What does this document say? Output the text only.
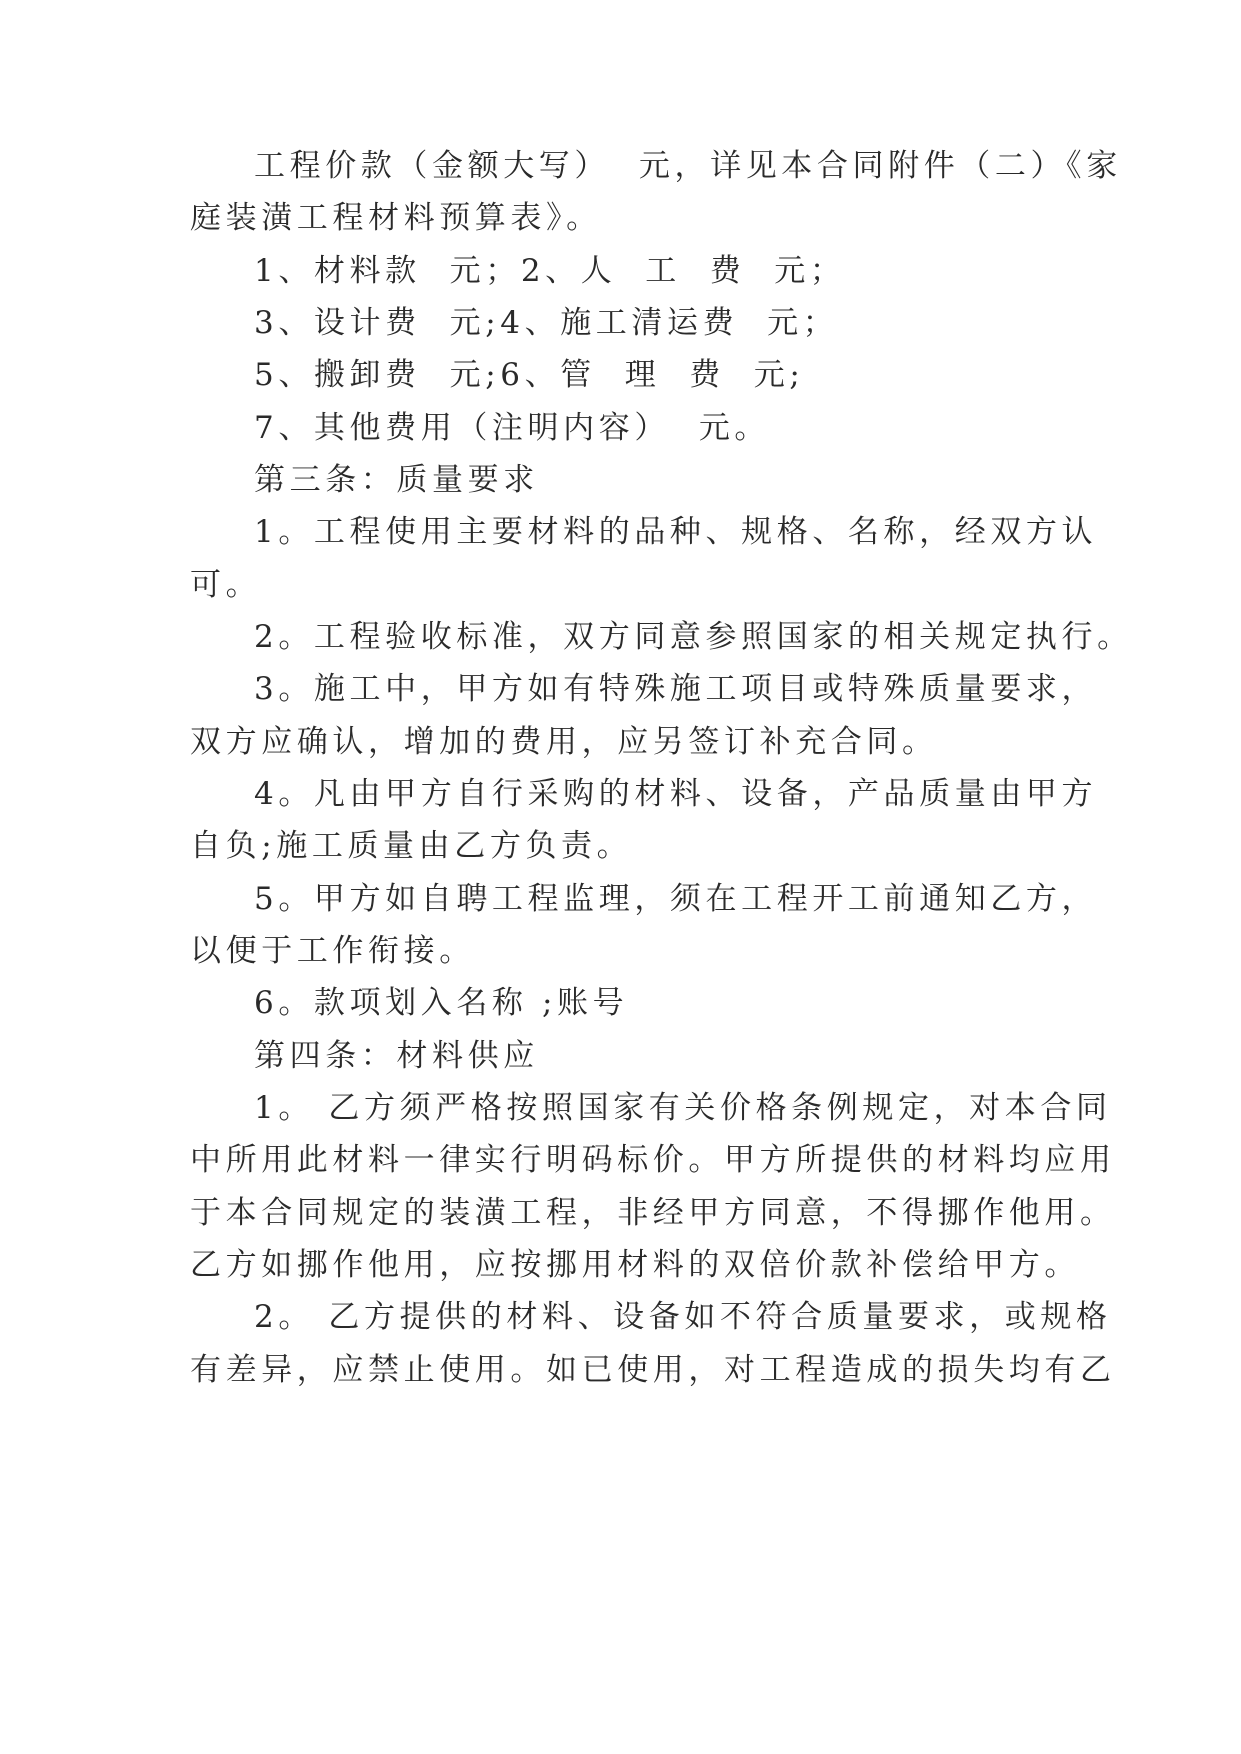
工程价款（金额大写）  元，详见本合同附件（二）《家

庭装潢工程材料预算表》。

1、材料款  元；2、人  工  费  元；

3、设计费  元;4、施工清运费  元；

5、搬卸费  元;6、管  理  费  元;

7、其他费用（注明内容）  元。

第三条：质量要求

1。工程使用主要材料的品种、规格、名称，经双方认

可。

2。工程验收标准，双方同意参照国家的相关规定执行。

3。施工中，甲方如有特殊施工项目或特殊质量要求，

双方应确认，增加的费用，应另签订补充合同。

4。凡由甲方自行采购的材料、设备，产品质量由甲方

自负;施工质量由乙方负责。

5。甲方如自聘工程监理，须在工程开工前通知乙方，

以便于工作衔接。

6。款项划入名称 ;账号

第四条：材料供应

1。 乙方须严格按照国家有关价格条例规定，对本合同

中所用此材料一律实行明码标价。甲方所提供的材料均应用

于本合同规定的装潢工程，非经甲方同意，不得挪作他用。

乙方如挪作他用，应按挪用材料的双倍价款补偿给甲方。

2。 乙方提供的材料、设备如不符合质量要求，或规格

有差异，应禁止使用。如已使用，对工程造成的损失均有乙
